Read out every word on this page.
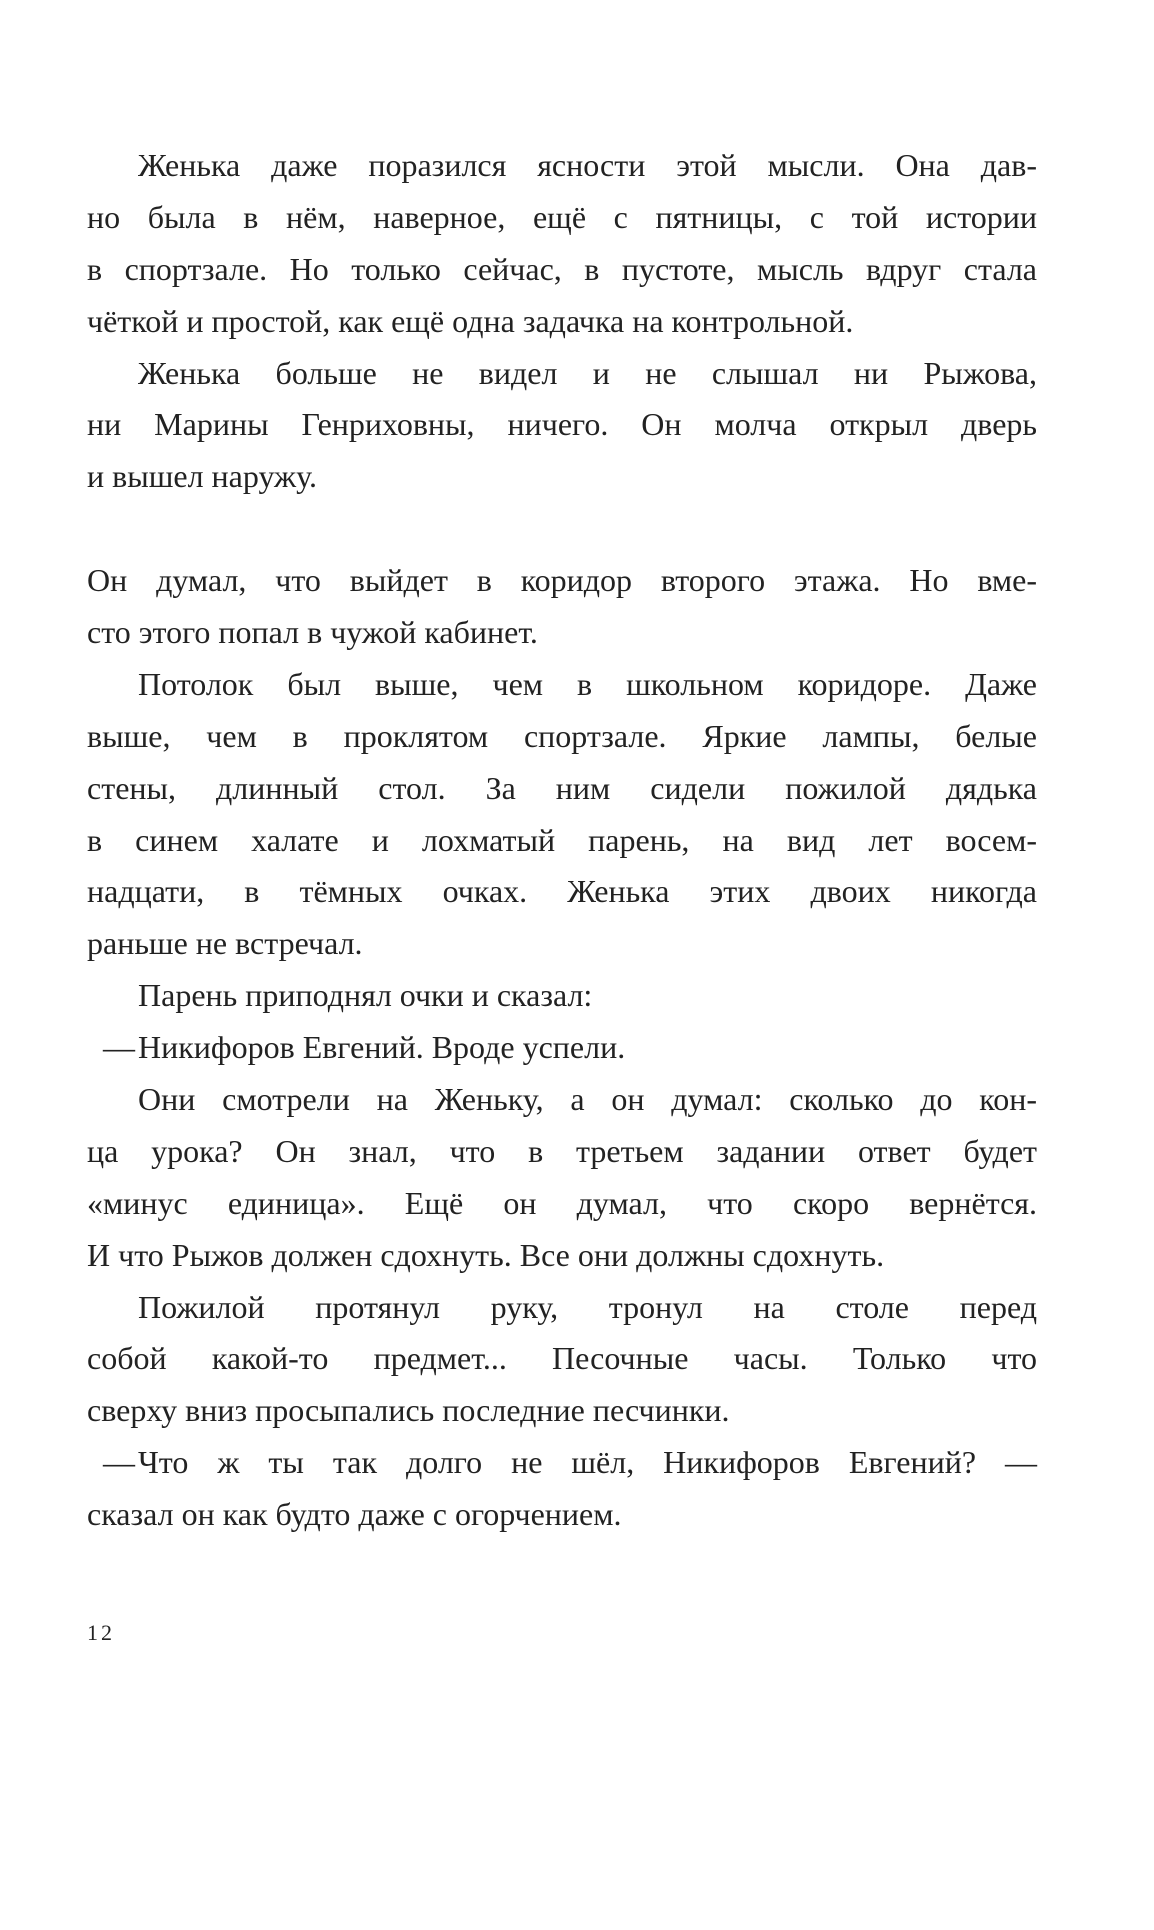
Женька даже поразился ясности этой мысли. Она дав-
но была в нём, наверное, ещё с пятницы, с той истории
в спортзале. Но только сейчас, в пустоте, мысль вдруг стала
чёткой и простой, как ещё одна задачка на контрольной.
Женька больше не видел и не слышал ни Рыжова,
ни Марины Генриховны, ничего. Он молча открыл дверь
и вышел наружу.
Он думал, что выйдет в коридор второго этажа. Но вме-
сто этого попал в чужой кабинет.
Потолок был выше, чем в школьном коридоре. Даже
выше, чем в проклятом спортзале. Яркие лампы, белые
стены, длинный стол. За ним сидели пожилой дядька
в синем халате и лохматый парень, на вид лет восем-
надцати, в тёмных очках. Женька этих двоих никогда
раньше не встречал.
Парень приподнял очки и сказал:
—Никифоров Евгений. Вроде успели.
Они смотрели на Женьку, а он думал: сколько до кон-
ца урока? Он знал, что в третьем задании ответ будет
«минус единица». Ещё он думал, что скоро вернётся.
И что Рыжов должен сдохнуть. Все они должны сдохнуть.
Пожилой протянул руку, тронул на столе перед
собой какой-то предмет... Песочные часы. Только что
сверху вниз просыпались последние песчинки.
—Что ж ты так долго не шёл, Никифоров Евгений? —
сказал он как будто даже с огорчением.
12
